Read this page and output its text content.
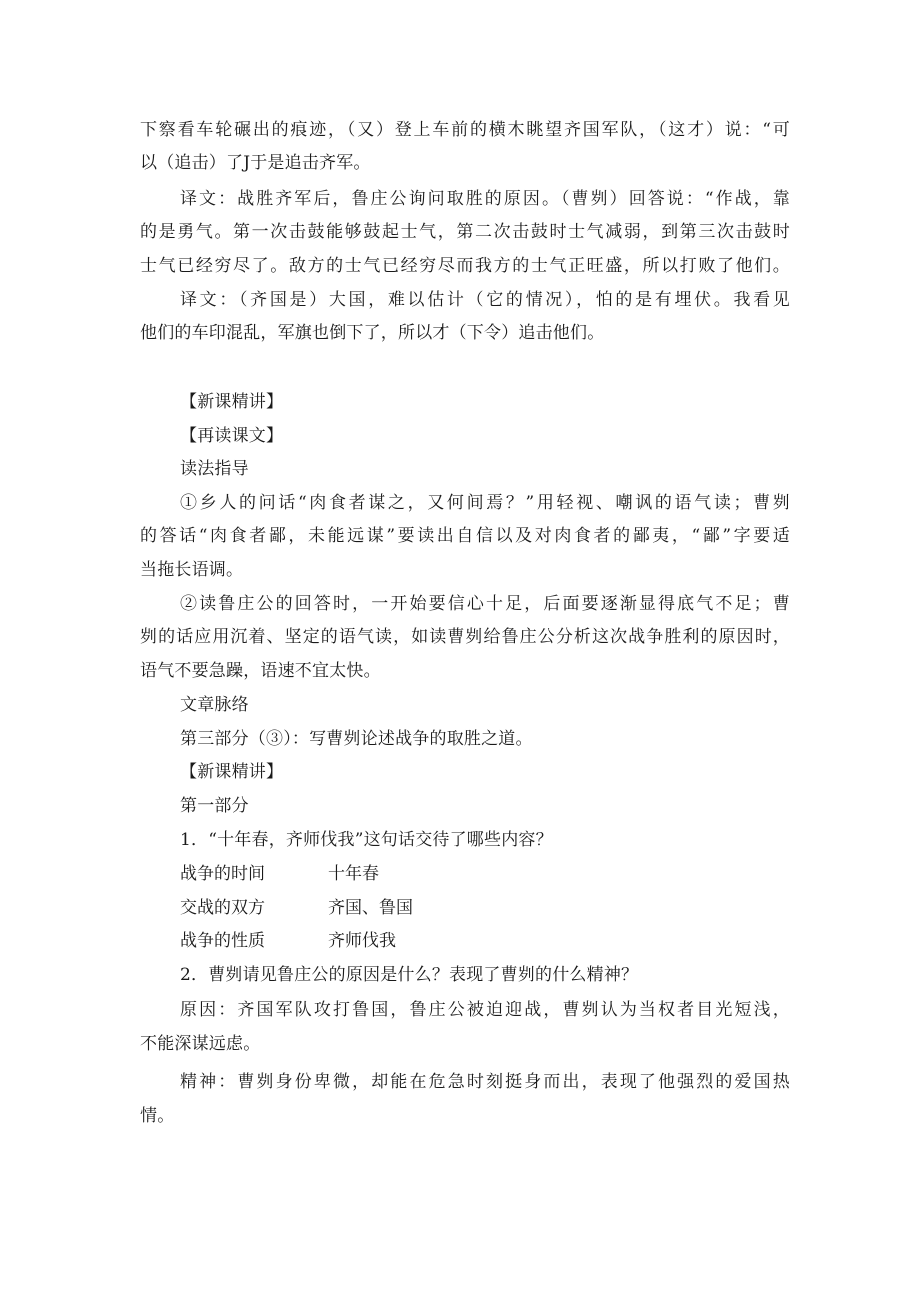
下察看车轮碾出的痕迹，（又）登上车前的横木眺望齐国军队，（这才）说：“可
以（追击）了J于是追击齐军。
译文：战胜齐军后，鲁庄公询问取胜的原因。（曹刿）回答说：“作战，靠
的是勇气。第一次击鼓能够鼓起士气，第二次击鼓时士气减弱，到第三次击鼓时
士气已经穷尽了。敌方的士气已经穷尽而我方的士气正旺盛，所以打败了他们。
译文：（齐国是）大国，难以估计（它的情况），怕的是有埋伏。我看见
他们的车印混乱，军旗也倒下了，所以才（下令）追击他们。
【新课精讲】
【再读课文】
读法指导
①乡人的问话“肉食者谋之，又何间焉？”用轻视、嘲讽的语气读；曹刿
的答话“肉食者鄙，未能远谋”要读出自信以及对肉食者的鄙夷，“鄙”字要适
当拖长语调。
②读鲁庄公的回答时，一开始要信心十足，后面要逐渐显得底气不足；曹
刿的话应用沉着、坚定的语气读，如读曹刿给鲁庄公分析这次战争胜利的原因时，
语气不要急躁，语速不宜太快。
文章脉络
第三部分（③）：写曹刿论述战争的取胜之道。
【新课精讲】
第一部分
1．“十年春，齐师伐我”这句话交待了哪些内容？
战争的时间	十年春
交战的双方	齐国、鲁国
战争的性质	齐师伐我
2．曹刿请见鲁庄公的原因是什么？表现了曹刿的什么精神？
原因：齐国军队攻打鲁国，鲁庄公被迫迎战，曹刿认为当权者目光短浅，
不能深谋远虑。
精神：曹刿身份卑微，却能在危急时刻挺身而出，表现了他强烈的爱国热
情。
